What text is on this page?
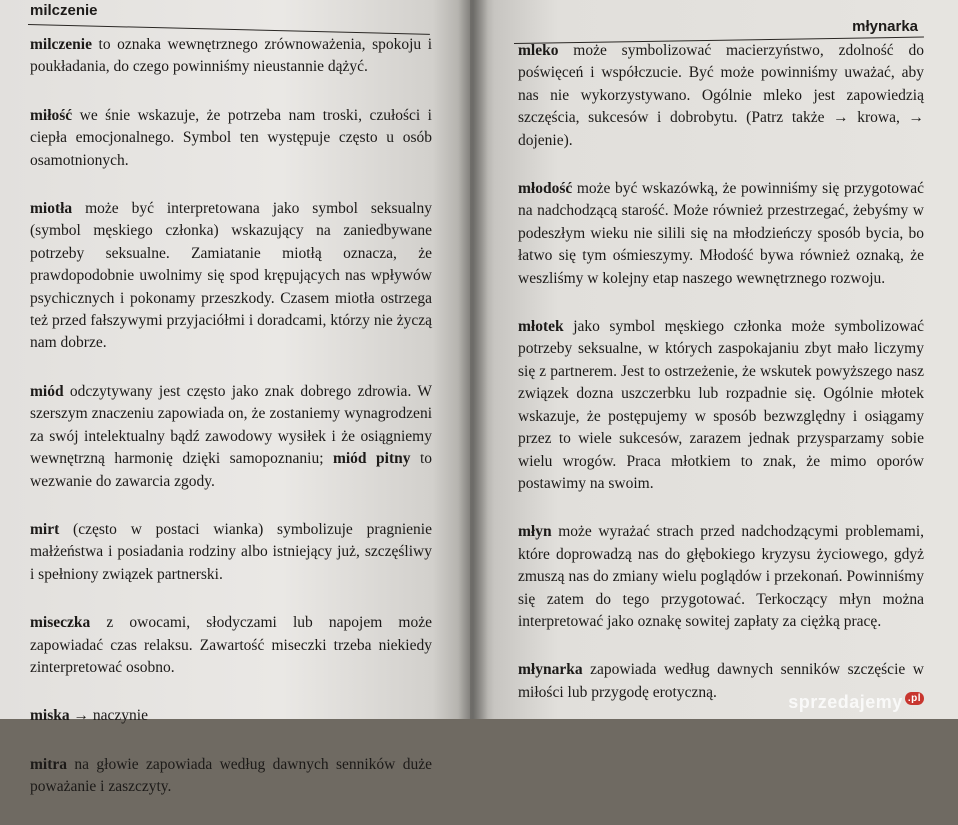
milczenie
milczenie to oznaka wewnętrznego zrównoważenia, spokoju i poukładania, do czego powinniśmy nieustannie dążyć.
miłość we śnie wskazuje, że potrzeba nam troski, czułości i ciepła emocjonalnego. Symbol ten występuje często u osób osamotnionych.
miotła może być interpretowana jako symbol seksualny (symbol męskiego członka) wskazujący na zaniedbywane potrzeby seksualne. Zamiatanie miotłą oznacza, że prawdopodobnie uwolnimy się spod krępujących nas wpływów psychicznych i pokonamy przeszkody. Czasem miotła ostrzega też przed fałszywymi przyjaciółmi i doradcami, którzy nie życzą nam dobrze.
miód odczytywany jest często jako znak dobrego zdrowia. W szerszym znaczeniu zapowiada on, że zostaniemy wynagrodzeni za swój intelektualny bądź zawodowy wysiłek i że osiągniemy wewnętrzną harmonię dzięki samopoznaniu; miód pitny to wezwanie do zawarcia zgody.
mirt (często w postaci wianka) symbolizuje pragnienie małżeństwa i posiadania rodziny albo istniejący już, szczęśliwy i spełniony związek partnerski.
miseczka z owocami, słodyczami lub napojem może zapowiadać czas relaksu. Zawartość miseczki trzeba niekiedy zinterpretować osobno.
miska → naczynie
mitra na głowie zapowiada według dawnych senników duże poważanie i zaszczyty.
młynarka
mleko może symbolizować macierzyństwo, zdolność do poświęceń i współczucie. Być może powinniśmy uważać, aby nas nie wykorzystywano. Ogólnie mleko jest zapowiedzią szczęścia, sukcesów i dobrobytu. (Patrz także → krowa, → dojenie).
młodość może być wskazówką, że powinniśmy się przygotować na nadchodzącą starość. Może również przestrzegać, żebyśmy w podeszłym wieku nie silili się na młodzieńczy sposób bycia, bo łatwo się tym ośmieszymy. Młodość bywa również oznaką, że weszliśmy w kolejny etap naszego wewnętrznego rozwoju.
młotek jako symbol męskiego członka może symbolizować potrzeby seksualne, w których zaspokajaniu zbyt mało liczymy się z partnerem. Jest to ostrzeżenie, że wskutek powyższego nasz związek dozna uszczerbku lub rozpadnie się. Ogólnie młotek wskazuje, że postępujemy w sposób bezwzględny i osiągamy przez to wiele sukcesów, zarazem jednak przysparzamy sobie wielu wrogów. Praca młotkiem to znak, że mimo oporów postawimy na swoim.
młyn może wyrażać strach przed nadchodzącymi problemami, które doprowadzą nas do głębokiego kryzysu życiowego, gdyż zmuszą nas do zmiany wielu poglądów i przekonań. Powinniśmy się zatem do tego przygotować. Terkoczący młyn można interpretować jako oznakę sowitej zapłaty za ciężką pracę.
młynarka zapowiada według dawnych senników szczęście w miłości lub przygodę erotyczną.	sprzedajemy .pl
